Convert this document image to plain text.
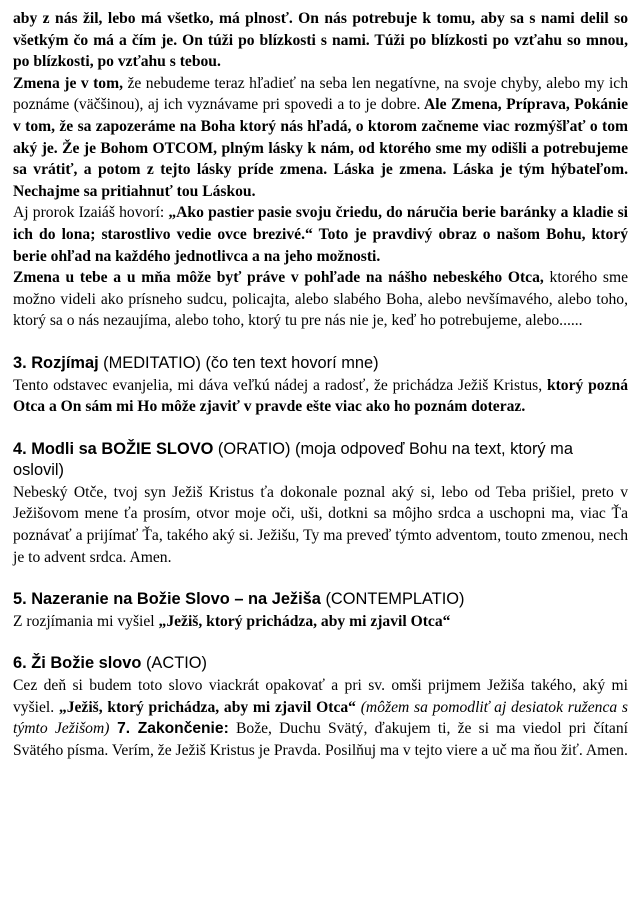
aby z nás žil, lebo má všetko, má plnosť. On nás potrebuje k tomu, aby sa s nami delil so všetkým čo má a čím je. On túži po blízkosti s nami. Túži po blízkosti po vzťahu so mnou, po blízkosti, po vzťahu s tebou.

Zmena je v tom, že nebudeme teraz hľadieť na seba len negatívne, na svoje chyby, alebo my ich poznáme (väčšinou), aj ich vyznávame pri spovedi a to je dobre. Ale Zmena, Príprava, Pokánie v tom, že sa zapozeráme na Boha ktorý nás hľadá, o ktorom začneme viac rozmýšľať o tom aký je. Že je Bohom OTCOM, plným lásky k nám, od ktorého sme my odišli a potrebujeme sa vrátiť, a potom z tejto lásky príde zmena. Láska je zmena. Láska je tým hýbateľom. Nechajme sa pritiahnuť tou Láskou.

Aj prorok Izaiáš hovorí: „Ako pastier pasie svoju čriedu, do náručia berie baránky a kladie si ich do lona; starostlivo vedie ovce brezivé.“ Toto je pravdivý obraz o našom Bohu, ktorý berie ohľad na každého jednotlivca a na jeho možnosti.

Zmena u tebe a u mňa môže byť práve v pohľade na nášho nebeského Otca, ktorého sme možno videli ako prísneho sudcu, policajta, alebo slabého Boha, alebo nevšímavého, alebo toho, ktorý sa o nás nezaujíma, alebo toho, ktorý tu pre nás nie je, keď ho potrebujeme, alebo......

3. Rozjímaj (MEDITATIO) (čo ten text hovorí mne)

Tento odstavec evanjelia, mi dáva veľkú nádej a radosť, že prichádza Ježiš Kristus, ktorý pozná Otca a On sám mi Ho môže zjaviť v pravde ešte viac ako ho poznám doteraz.

4. Modli sa BOŽIE SLOVO (ORATIO) (moja odpoveď Bohu na text, ktorý ma oslovil)

Nebeský Otče, tvoj syn Ježiš Kristus ťa dokonale poznal aký si, lebo od Teba prišiel, preto v Ježišovom mene ťa prosím, otvor moje oči, uši, dotkni sa môjho srdca a uschopni ma, viac Ťa poznávať a prijímať Ťa, takého aký si. Ježišu, Ty ma preveď týmto adventom, touto zmenou, nech je to advent srdca. Amen.

5. Nazeranie na Božie Slovo – na Ježiša (CONTEMPLATIO)

Z rozjímania mi vyšiel „Ježiš, ktorý prichádza, aby mi zjavil Otca“

6. Ži Božie slovo (ACTIO)

Cez deň si budem toto slovo viackrát opakovať a pri sv. omši prijmem Ježiša takého, aký mi vyšiel. „Ježiš, ktorý prichádza, aby mi zjavil Otca“ (môžem sa pomodliť aj desiatok ruženca s týmto Ježišom) 7. Zakončenie: Bože, Duchu Svätý, ďakujem ti, že si ma viedol pri čítaní Svätého písma. Verím, že Ježiš Kristus je Pravda. Posilňuj ma v tejto viere a uč ma ňou žiť. Amen.
